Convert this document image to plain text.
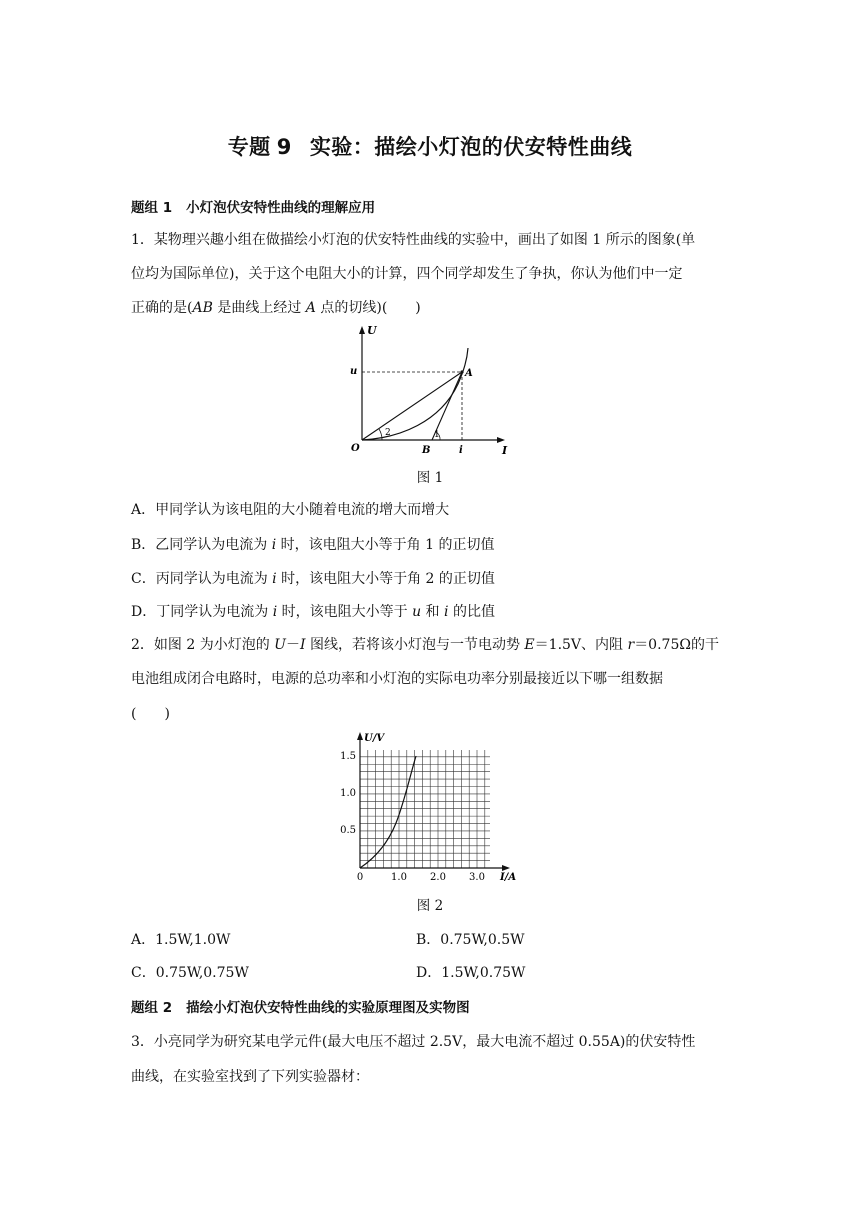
专题 9 实验：描绘小灯泡的伏安特性曲线
题组 1 小灯泡伏安特性曲线的理解应用
1．某物理兴趣小组在做描绘小灯泡的伏安特性曲线的实验中，画出了如图 1 所示的图象(单
位均为国际单位)，关于这个电阻大小的计算，四个同学却发生了争执，你认为他们中一定
正确的是(AB 是曲线上经过 A 点的切线)(　　)
U
I
u
i
O
A
B
1
2
图 1
A．甲同学认为该电阻的大小随着电流的增大而增大
B．乙同学认为电流为 i 时，该电阻大小等于角 1 的正切值
C．丙同学认为电流为 i 时，该电阻大小等于角 2 的正切值
D．丁同学认为电流为 i 时，该电阻大小等于 u 和 i 的比值
2．如图 2 为小灯泡的 U－I 图线，若将该小灯泡与一节电动势 E＝1.5V、内阻 r＝0.75Ω的干
电池组成闭合电路时，电源的总功率和小灯泡的实际电功率分别最接近以下哪一组数据
(　　)
U/V
I/A
1.5
1.0
0.5
0	1.0 2.0 3.0
图 2
A．1.5W,1.0W	B．0.75W,0.5W
C．0.75W,0.75W	D．1.5W,0.75W
题组 2 描绘小灯泡伏安特性曲线的实验原理图及实物图
3．小亮同学为研究某电学元件(最大电压不超过 2.5V，最大电流不超过 0.55A)的伏安特性
曲线，在实验室找到了下列实验器材：
